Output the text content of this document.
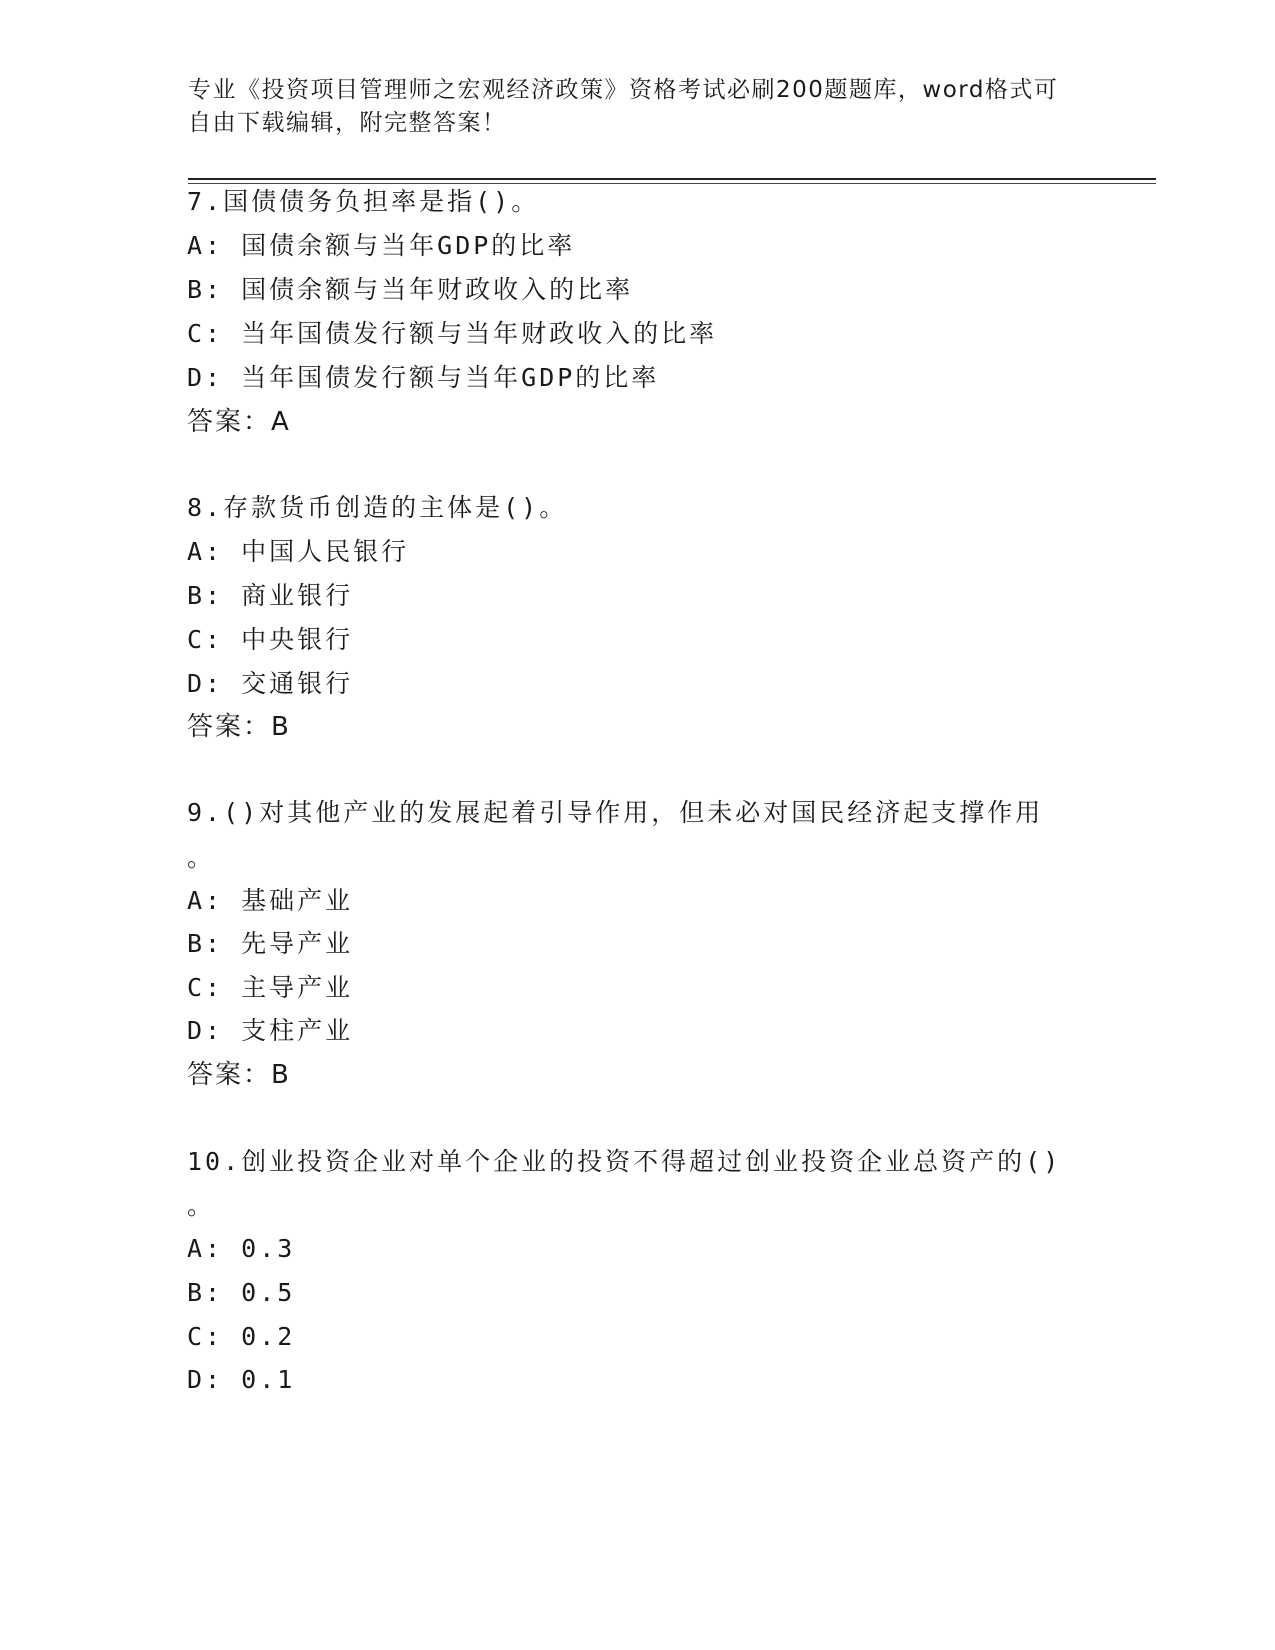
专业《投资项目管理师之宏观经济政策》资格考试必刷200题题库，word格式可
自由下载编辑，附完整答案！
7.国债债务负担率是指()。
A: 国债余额与当年GDP的比率
B: 国债余额与当年财政收入的比率
C: 当年国债发行额与当年财政收入的比率
D: 当年国债发行额与当年GDP的比率
答案：A
8.存款货币创造的主体是()。
A: 中国人民银行
B: 商业银行
C: 中央银行
D: 交通银行
答案：B
9.()对其他产业的发展起着引导作用，但未必对国民经济起支撑作用
。
A: 基础产业
B: 先导产业
C: 主导产业
D: 支柱产业
答案：B
10.创业投资企业对单个企业的投资不得超过创业投资企业总资产的()
。
A: 0.3
B: 0.5
C: 0.2
D: 0.1
